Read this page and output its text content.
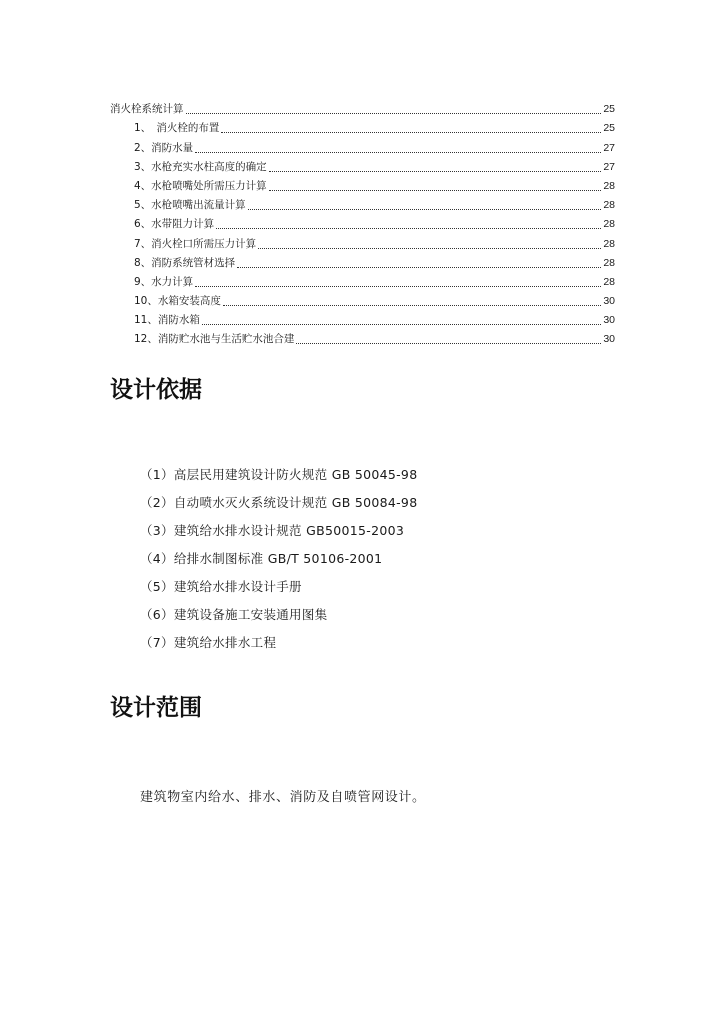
消火栓系统计算	25
1、　消火栓的布置	25
2、消防水量	27
3、水枪充实水柱高度的确定	27
4、水枪喷嘴处所需压力计算	28
5、水枪喷嘴出流量计算	28
6、水带阻力计算	28
7、消火栓口所需压力计算	28
8、消防系统管材选择	28
9、水力计算	28
10、水箱安装高度	30
11、消防水箱	30
12、消防贮水池与生活贮水池合建	30
设计依据
（1）高层民用建筑设计防火规范 GB 50045-98
（2）自动喷水灭火系统设计规范 GB 50084-98
（3）建筑给水排水设计规范 GB50015-2003
（4）给排水制图标准 GB/T 50106-2001
（5）建筑给水排水设计手册
（6）建筑设备施工安装通用图集
（7）建筑给水排水工程
设计范围

建筑物室内给水、排水、消防及自喷管网设计。
